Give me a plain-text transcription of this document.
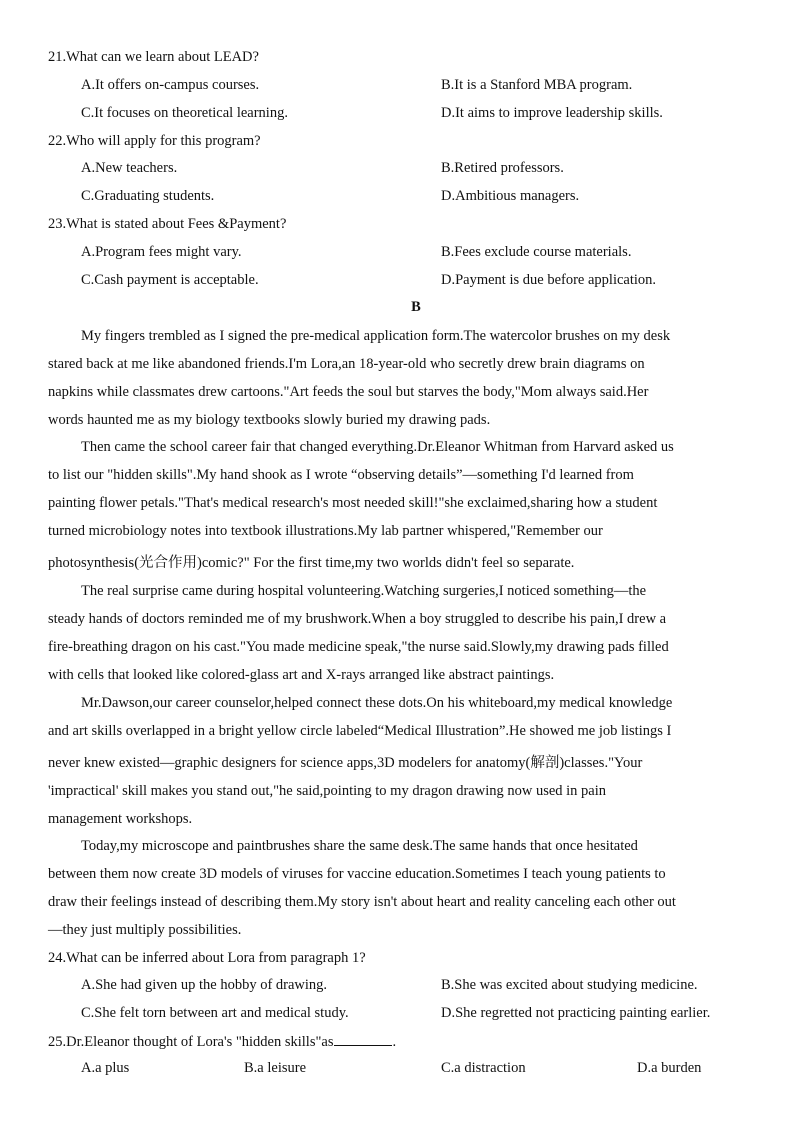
21.What can we learn about LEAD?
A.It offers on-campus courses.	B.It is a Stanford MBA program.
C.It focuses on theoretical learning.	D.It aims to improve leadership skills.
22.Who will apply for this program?
A.New teachers.	B.Retired professors.
C.Graduating students.	D.Ambitious managers.
23.What is stated about Fees &Payment?
A.Program fees might vary.	B.Fees exclude course materials.
C.Cash payment is acceptable.	D.Payment is due before application.
B
My fingers trembled as I signed the pre-medical application form.The watercolor brushes on my desk
stared back at me like abandoned friends.I'm Lora,an 18-year-old who secretly drew brain diagrams on
napkins while classmates drew cartoons."Art feeds the soul but starves the body,"Mom always said.Her
words haunted me as my biology textbooks slowly buried my drawing pads.
Then came the school career fair that changed everything.Dr.Eleanor Whitman from Harvard asked us
to list our "hidden skills".My hand shook as I wrote “observing details”—something I'd learned from
painting flower petals."That's medical research's most needed skill!"she exclaimed,sharing how a student
turned microbiology notes into textbook illustrations.My lab partner whispered,"Remember our
photosynthesis(光合作用)comic?" For the first time,my two worlds didn't feel so separate.
The real surprise came during hospital volunteering.Watching surgeries,I noticed something—the
steady hands of doctors reminded me of my brushwork.When a boy struggled to describe his pain,I drew a
fire-breathing dragon on his cast."You made medicine speak,"the nurse said.Slowly,my drawing pads filled
with cells that looked like colored-glass art and X-rays arranged like abstract paintings.
Mr.Dawson,our career counselor,helped connect these dots.On his whiteboard,my medical knowledge
and art skills overlapped in a bright yellow circle labeled“Medical Illustration”.He showed me job listings I
never knew existed—graphic designers for science apps,3D modelers for anatomy(解剖)classes."Your
'impractical' skill makes you stand out,"he said,pointing to my dragon drawing now used in pain
management workshops.
Today,my microscope and paintbrushes share the same desk.The same hands that once hesitated
between them now create 3D models of viruses for vaccine education.Sometimes I teach young patients to
draw their feelings instead of describing them.My story isn't about heart and reality canceling each other out
—they just multiply possibilities.
24.What can be inferred about Lora from paragraph 1?
A.She had given up the hobby of drawing.	B.She was excited about studying medicine.
C.She felt torn between art and medical study.	D.She regretted not practicing painting earlier.
25.Dr.Eleanor thought of Lora's "hidden skills"as	.
A.a plus	B.a leisure	C.a distraction	D.a burden
